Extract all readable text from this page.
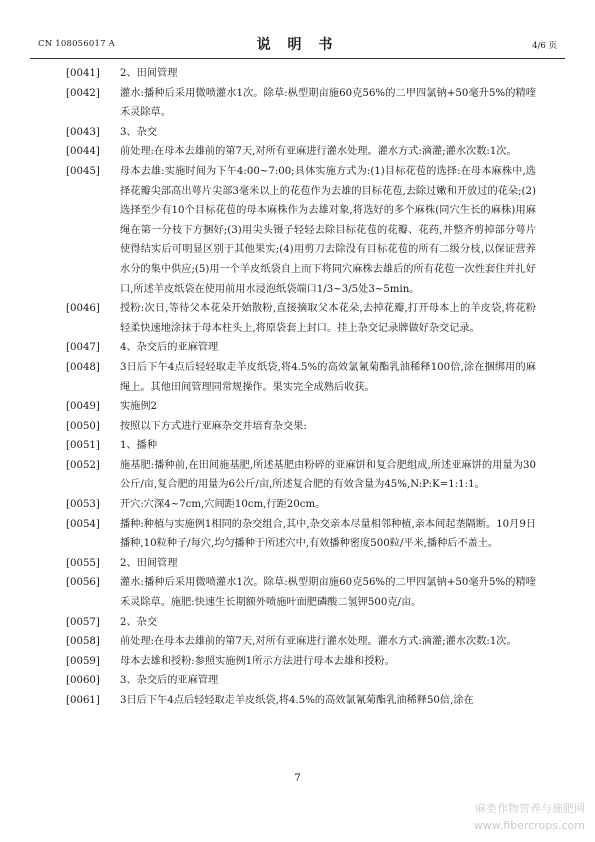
CN 108056017 A	说 明 书	4/6 页
[0041] 2、田间管理
[0042] 灌水:播种后采用微喷灌水1次。除草:枞型期亩施60克56%的二甲四氯钠+50毫升5%的精喹禾灵除草。
[0043] 3、杂交
[0044] 前处理:在母本去雄前的第7天,对所有亚麻进行灌水处理。灌水方式:滴灌;灌水次数:1次。
[0045] 母本去雄:实施时间为下午4:00~7:00;具体实施方式为:(1)目标花苞的选择:在母本麻株中,选择花瓣尖部高出萼片尖部3毫米以上的花苞作为去雄的目标花苞,去除过嫩和开放过的花朵;(2)选择至少有10个目标花苞的母本麻株作为去雄对象,将选好的多个麻株(同穴生长的麻株)用麻绳在第一分枝下方捆好;(3)用尖头镊子轻轻去除目标花苞的花瓣、花药,并整齐剪掉部分萼片使得结实后可明显区别于其他果实;(4)用剪刀去除没有目标花苞的所有二级分枝,以保证营养水分的集中供应;(5)用一个羊皮纸袋自上而下将同穴麻株去雄后的所有花苞一次性套住并扎好口,所述羊皮纸袋在使用前用水浸泡纸袋端口1/3~3/5处3~5min。
[0046] 授粉:次日,等待父本花朵开始散粉,直接摘取父本花朵,去掉花瓣,打开母本上的羊皮袋,将花粉轻柔快速地涂抹于母本柱头上,将原袋套上封口。挂上杂交记录牌做好杂交记录。
[0047] 4、杂交后的亚麻管理
[0048] 3日后下午4点后轻轻取走羊皮纸袋,将4.5%的高效氯氰菊酯乳油稀释100倍,涂在捆绑用的麻绳上。其他田间管理同常规操作。果实完全成熟后收获。
[0049] 实施例2
[0050] 按照以下方式进行亚麻杂交并培育杂交果:
[0051] 1、播种
[0052] 施基肥:播种前,在田间施基肥,所述基肥由粉碎的亚麻饼和复合肥组成,所述亚麻饼的用量为30公斤/亩,复合肥的用量为6公斤/亩,所述复合肥的有效含量为45%,N:P:K=1:1:1。
[0053] 开穴:穴深4~7cm,穴间距10cm,行距20cm。
[0054] 播种:种植与实施例1相同的杂交组合,其中,杂交亲本尽量相邻种植,亲本间起垄隔断。10月9日播种,10粒种子/每穴,均匀播种于所述穴中,有效播种密度500粒/平米,播种后不盖土。
[0055] 2、田间管理
[0056] 灌水:播种后采用微喷灌水1次。除草:枞型期亩施60克56%的二甲四氯钠+50毫升5%的精喹禾灵除草。施肥:快速生长期额外喷施叶面肥磷酸二氢钾500克/亩。
[0057] 2、杂交
[0058] 前处理:在母本去雄前的第7天,对所有亚麻进行灌水处理。灌水方式:滴灌;灌水次数:1次。
[0059] 母本去雄和授粉:参照实施例1所示方法进行母本去雄和授粉。
[0060] 3、杂交后的亚麻管理
[0061] 3日后下午4点后轻轻取走羊皮纸袋,将4.5%的高效氯氰菊酯乳油稀释50倍,涂在
7
麻类作物营养与施肥网
www.fibercrops.com
